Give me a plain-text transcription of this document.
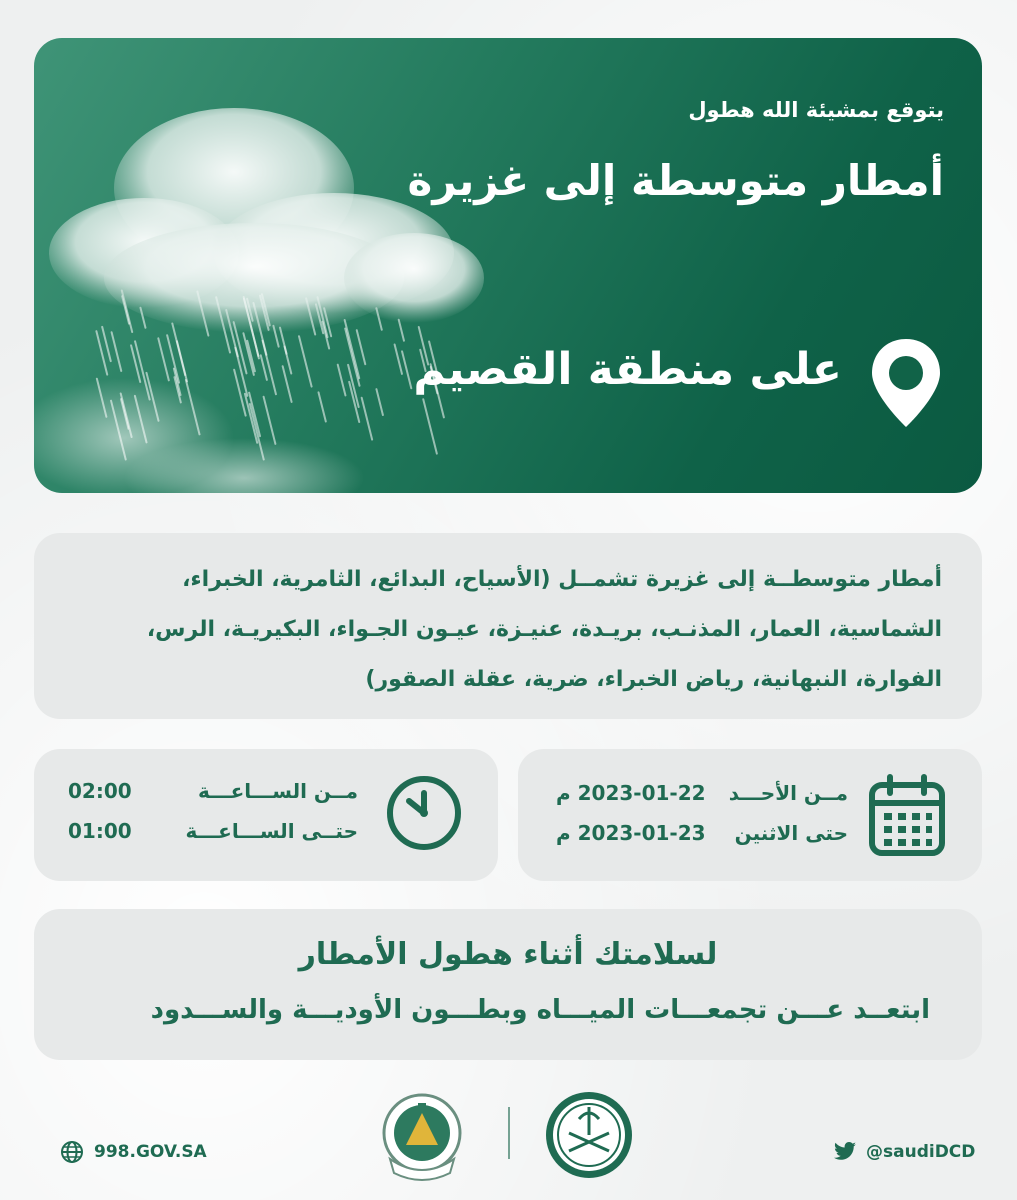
يتوقع بمشيئة الله هطول
أمطار متوسطة إلى غزيرة
على منطقة القصيم

أمطار متوسطــة إلى غزيرة تشمــل (الأسياح، البدائع، الثامرية، الخبراء، الشماسية، العمار، المذنـب، بريـدة، عنيـزة، عيـون الجـواء، البكيريـة، الرس، الفوارة، النبهانية، رياض الخبراء، ضرية، عقلة الصقور)

مــن الســـاعـــة
02:00
حتــى الســـاعـــة
01:00
مــن الأحـــد
2023-01-22 م
حتى الاثنين
2023-01-23 م
لسلامتك أثناء هطول الأمطار
ابتعــد عـــن تجمعـــات الميـــاه وبطـــون الأوديـــة والســـدود
998.GOV.SA	@saudiDCD
